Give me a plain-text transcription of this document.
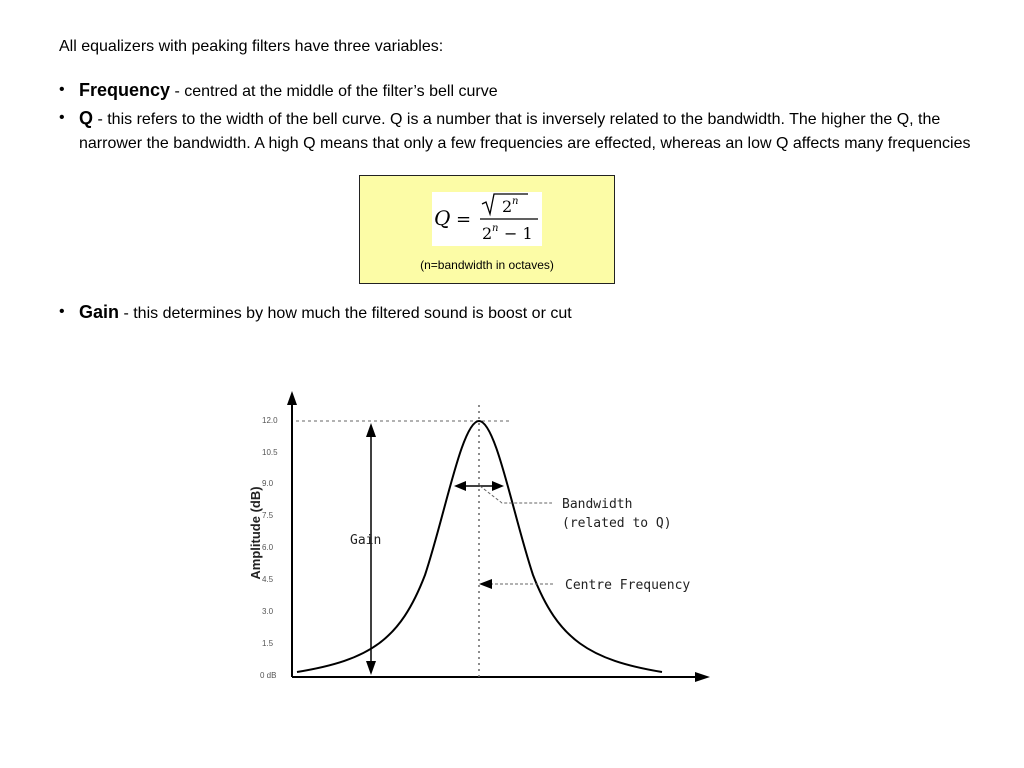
All equalizers with peaking filters have three variables:
• Frequency - centred at the middle of the filter’s bell curve
• Q - this refers to the width of the bell curve. Q is a number that is inversely related to the bandwidth. The higher the Q, the narrower the bandwidth. A high Q means that only a few frequencies are effected, whereas an low Q affects many frequencies
Q =
2 n
2 n − 1
(n=bandwidth in octaves)
• Gain - this determines by how much the filtered sound is boost or cut
Amplitude (dB)
12.0
10.5
9.0
7.5
6.0
4.5
3.0
1.5
0 dB
Gain
Bandwidth
(related to Q)
Centre Frequency
